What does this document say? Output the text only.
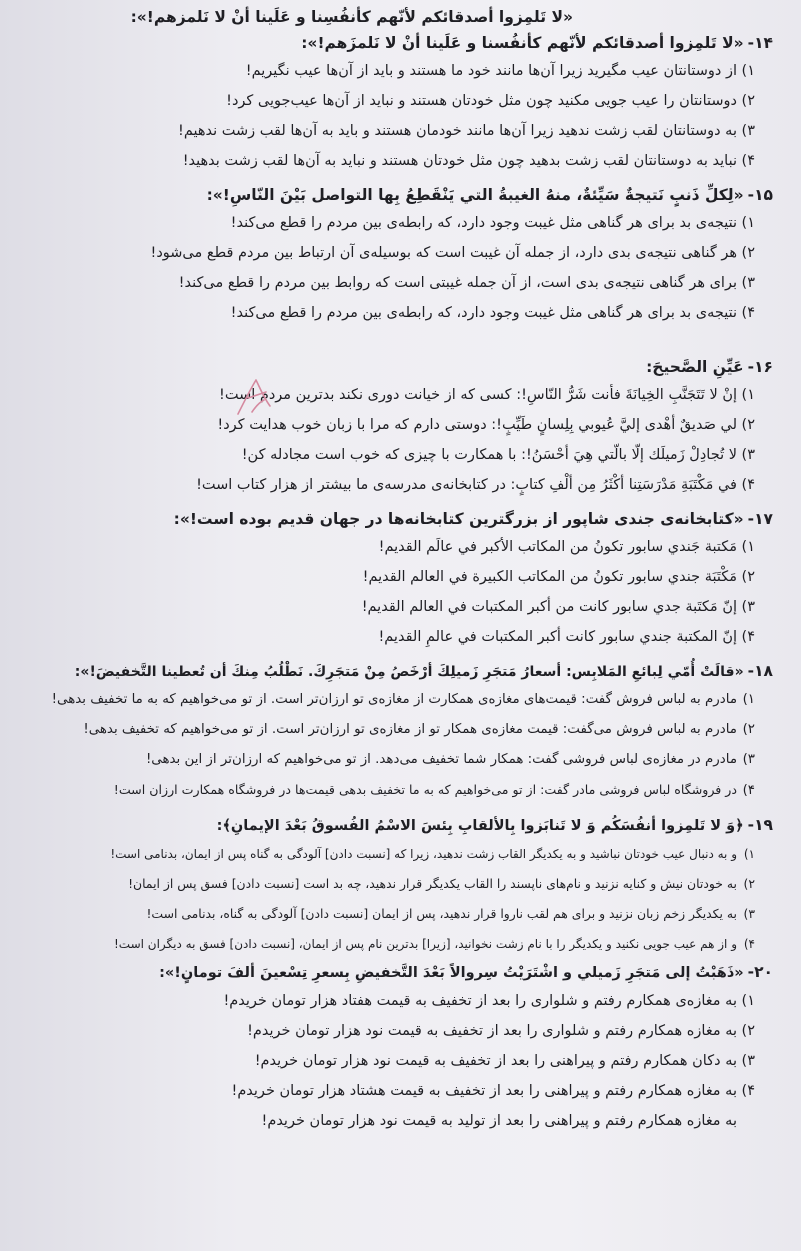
«لا تَلمِزوا أصدقائكم لأنّهم كأنفُسِنا و عَلَينا أنْ لا نَلمزهم!»:
۱۴-
«لا تَلمِزوا أصدقائكم لأنّهم كأنفُسنا و عَلَينا أنْ لا نَلمزَهم!»:
۱)
از دوستانتان عیب مگیرید زیرا آن‌ها مانند خود ما هستند و باید از آن‌ها عیب نگیریم!
۲)
دوستانتان را عیب جویی مکنید چون مثل خودتان هستند و نباید از آن‌ها عیب‌جویی کرد!
۳)
به دوستانتان لقب زشت ندهید زیرا آن‌ها مانند خودمان هستند و باید به آن‌ها لقب زشت ندهیم!
۴)
نباید به دوستانتان لقب زشت بدهید چون مثل خودتان هستند و نباید به آن‌ها لقب زشت بدهید!
۱۵-
«لِكلِّ ذَنبٍ نَتيجةٌ سَيِّئةٌ، منهُ الغيبةُ التي يَنْقَطِعُ بِها التواصل بَيْنَ النّاسِ!»:
۱)
نتیجه‌ی بد برای هر گناهی مثل غیبت وجود دارد، که رابطه‌ی بین مردم را قطع می‌کند!
۲)
هر گناهی نتیجه‌ی بدی دارد، از جمله آن غیبت است که بوسیله‌ی آن ارتباط بین مردم قطع می‌شود!
۳)
برای هر گناهی نتیجه‌ی بدی است، از آن جمله غیبتی است که روابط بین مردم را قطع می‌کند!
۴)
نتیجه‌ی بد برای هر گناهی مثل غیبت وجود دارد، که رابطه‌ی بین مردم را قطع می‌کند!
۱۶-
عَيِّنِ الصَّحيحَ:
۱)
إنْ لا تَتَجَنَّبِ الخِيانَةَ فأنت شَرُّ النّاسِ!: کسی که از خیانت دوری نکند بدترین مردم است!
۲)
لي صَديقٌ أهْدى إليَّ عُيوبي بِلِسانٍ طَيِّبٍ!: دوستی دارم که مرا با زبان خوب هدایت کرد!
۳)
لا تُجادِلْ زَميلَك إلّا بالّتي هِيَ أحْسَنُ!: با همکارت با چیزی که خوب است مجادله کن!
۴)
في مَكْتَبَةِ مَدْرَسَتِنا أكْثَرُ مِن ألْفِ كتابٍ: در کتابخانه‌ی مدرسه‌ی ما بیشتر از هزار کتاب است!
۱۷-
«کتابخانه‌ی جندی شاپور از بزرگترین کتابخانه‌ها در جهان قدیم بوده است!»:
۱)
مَكتبة جَندي سابور تكونُ من المكاتب الأكبر في عالَم القديم!
۲)
مَكْتَبَة جندي سابور تكونُ من المكاتب الكبيرة في العالم القديم!
۳)
إنّ مَكتَبة جدي سابور كانت من أكبر المكتبات في العالم القديم!
۴)
إنّ المكتبة جندي سابور كانت أكبر المكتبات في عالمِ القديم!
۱۸-
«قالَتْ أُمّي لِبائعِ المَلابِس: أسعارُ مَتجَرِ زَميلِكَ أرْخَصُ مِنْ مَتجَرِكَ. نَطْلُبُ مِنكَ أن تُعطينا التَّخفيضَ!»:
۱)
مادرم به لباس فروش گفت: قیمت‌های مغازه‌ی همکارت از مغازه‌ی تو ارزان‌تر است. از تو می‌خواهیم که به ما تخفیف بدهی!
۲)
مادرم به لباس فروش می‌گفت: قیمت مغازه‌ی همکار تو از مغازه‌ی تو ارزان‌تر است. از تو می‌خواهیم که تخفیف بدهی!
۳)
مادرم در مغازه‌ی لباس فروشی گفت: همکار شما تخفیف می‌دهد. از تو می‌خواهیم که ارزان‌تر از این بدهی!
۴)
در فروشگاه لباس فروشی مادر گفت: از تو می‌خواهیم که به ما تخفیف بدهی قیمت‌ها در فروشگاه همکارت ارزان است!
۱۹-
﴿وَ لا تَلمِزوا أنفُسَكُم وَ لا تَنابَزوا بِالألقابِ بِئسَ الاسْمُ الفُسوقُ بَعْدَ الإيمانِ﴾:
۱)
و به دنبال عیب خودتان نباشید و به یکدیگر القاب زشت ندهید، زیرا که [نسبت دادن] آلودگی به گناه پس از ایمان، بدنامی است!
۲)
به خودتان نیش و کنایه نزنید و نام‌های ناپسند را القاب یکدیگر قرار ندهید، چه بد است [نسبت دادن] فسق پس از ایمان!
۳)
به یکدیگر زخم زبان نزنید و برای هم لقب ناروا قرار ندهید، پس از ایمان [نسبت دادن] آلودگی به گناه، بدنامی است!
۴)
و از هم عیب جویی نکنید و یکدیگر را با نام زشت نخوانید، [زیرا] بدترین نام پس از ایمان، [نسبت دادن] فسق به دیگران است!
۲۰-
«ذَهَبْتُ إلى مَتجَرِ زَميلي و اشْتَرَيْتُ سِروالاً بَعْدَ التَّخفيضِ بِسعرِ تِسْعينَ ألفَ تومانٍ!»:
۱)
به مغازه‌ی همکارم رفتم و شلواری را بعد از تخفیف به قیمت هفتاد هزار تومان خریدم!
۲)
به مغازه همکارم رفتم و شلواری را بعد از تخفیف به قیمت نود هزار تومان خریدم!
۳)
به دکان همکارم رفتم و پیراهنی را بعد از تخفیف به قیمت نود هزار تومان خریدم!
۴)
به مغازه همکارم رفتم و پیراهنی را بعد از تخفیف به قیمت هشتاد هزار تومان خریدم!
به مغازه همکارم رفتم و پیراهنی را بعد از تولید به قیمت نود هزار تومان خریدم!
